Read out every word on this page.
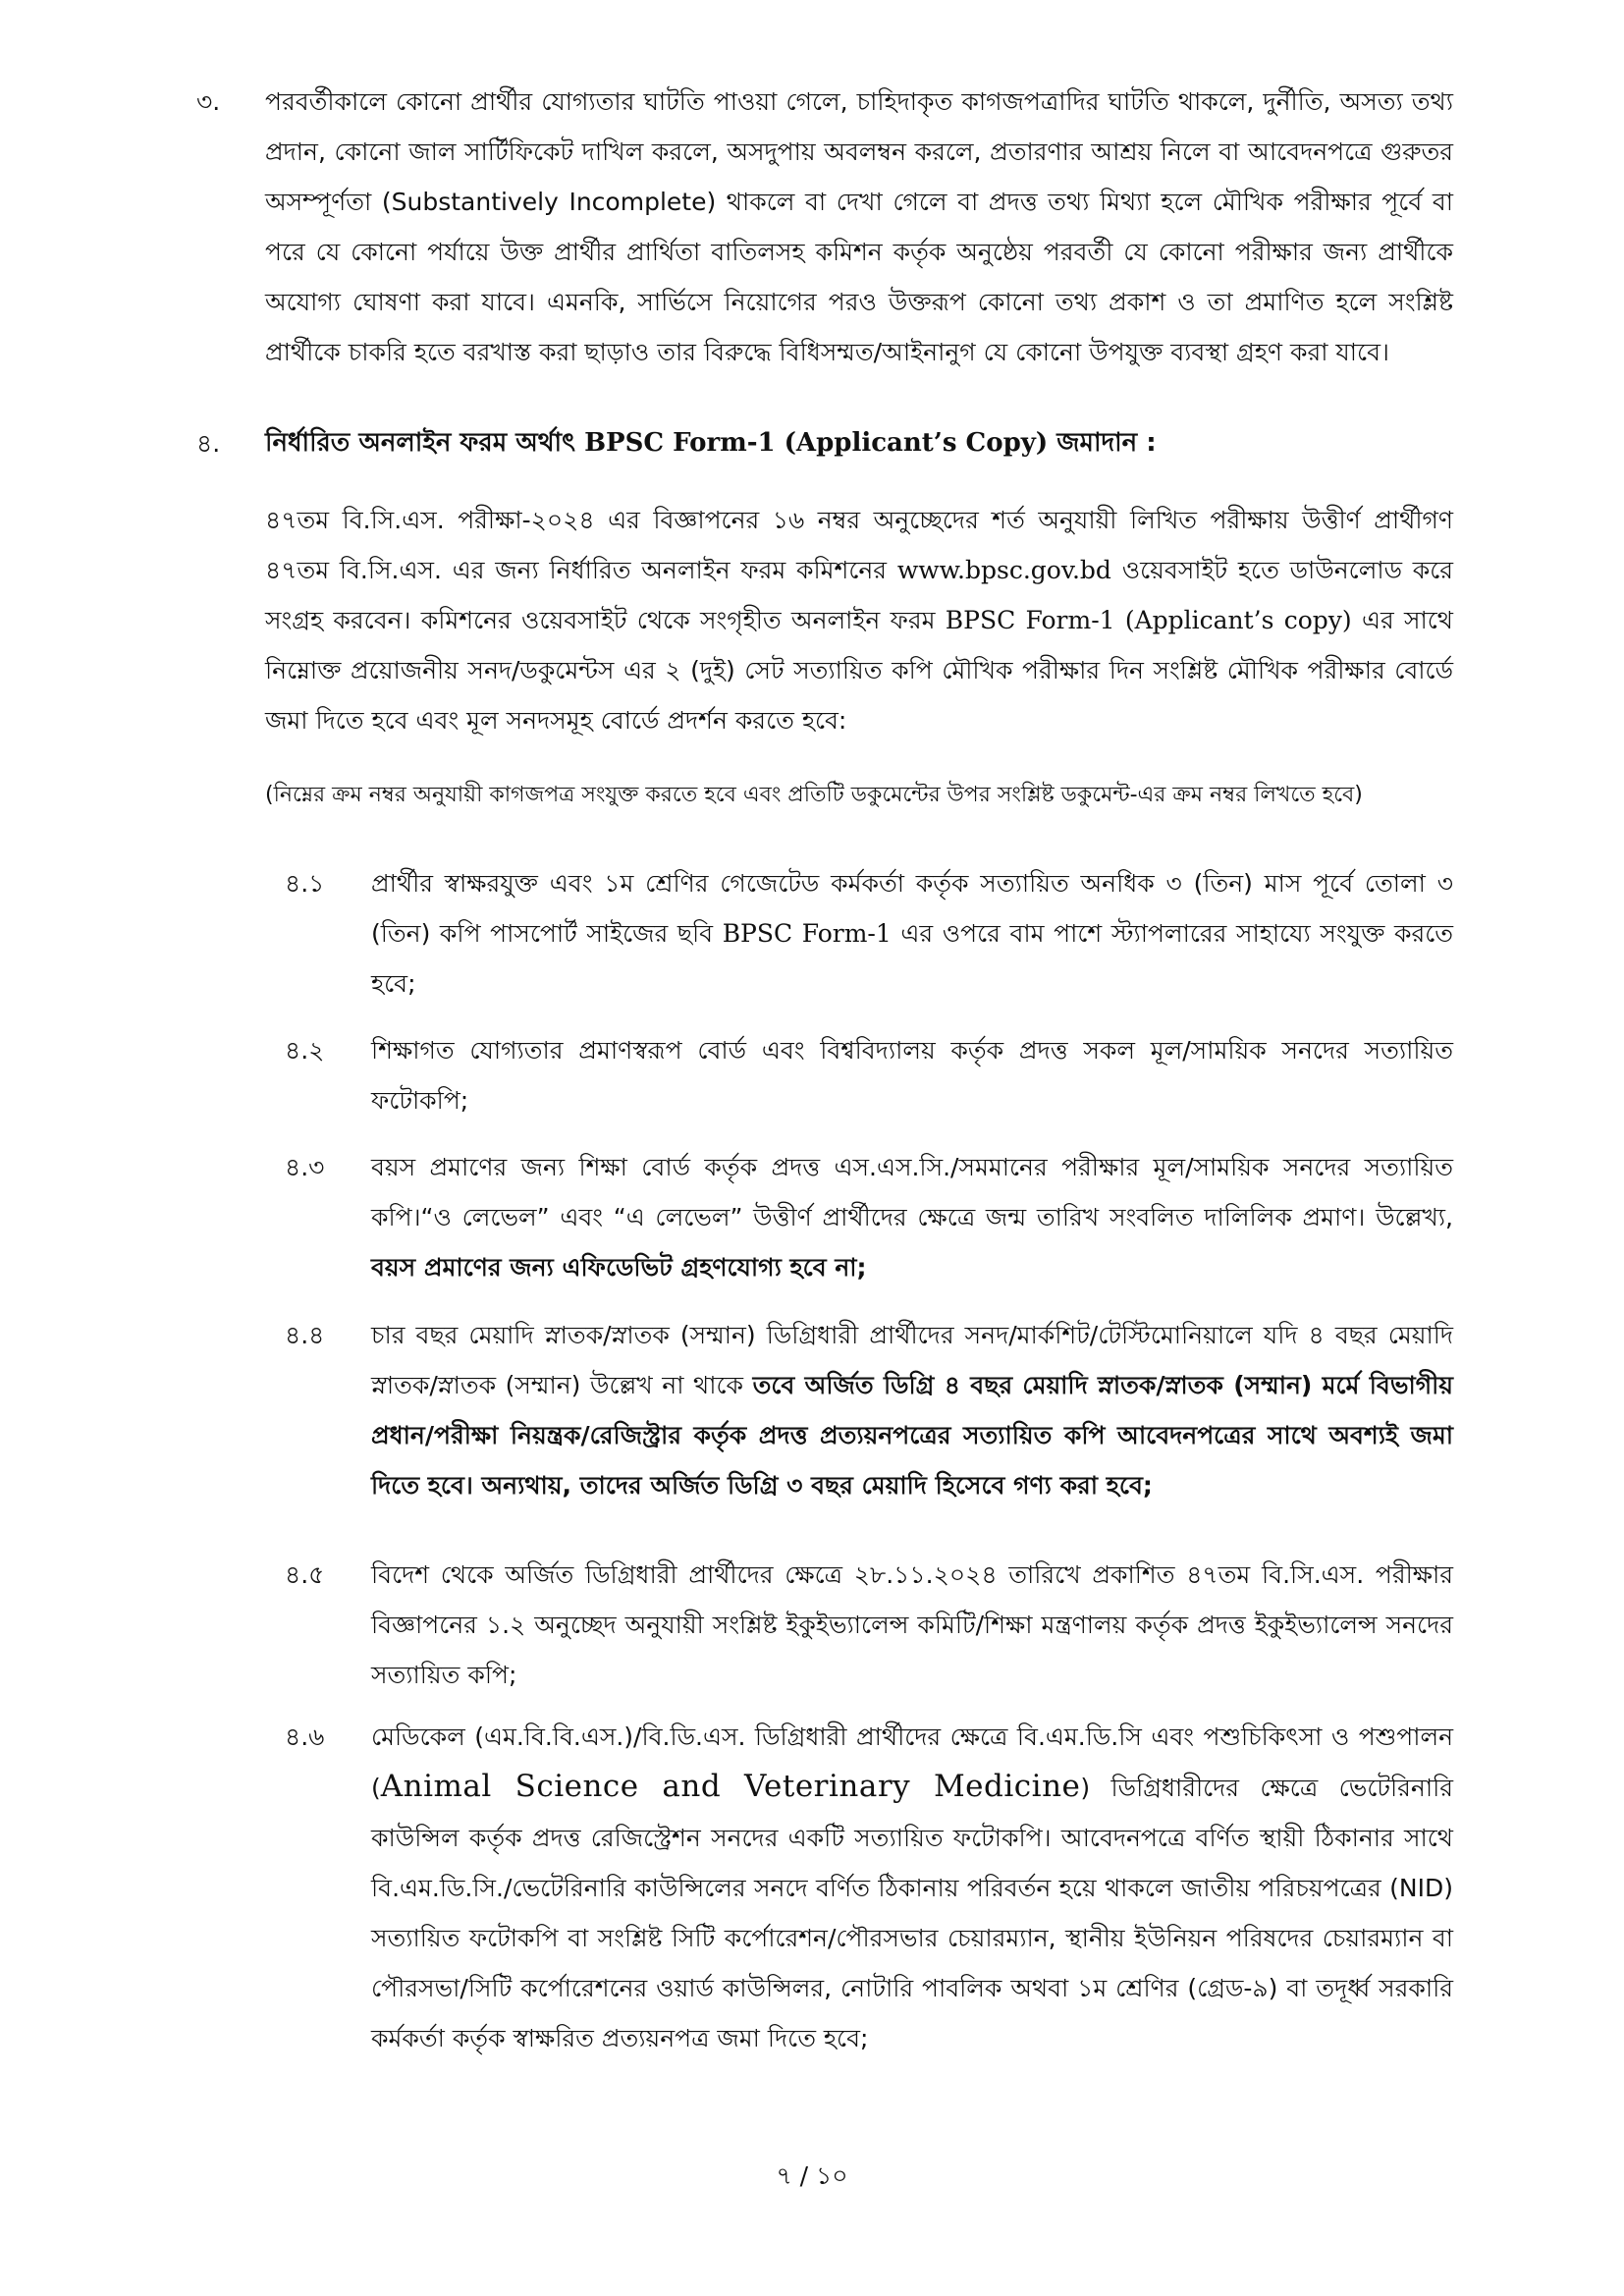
৩. পরবর্তীকালে কোনো প্রার্থীর যোগ্যতার ঘাটতি পাওয়া গেলে, চাহিদাকৃত কাগজপত্রাদির ঘাটতি থাকলে, দুর্নীতি, অসত্য তথ্য প্রদান, কোনো জাল সার্টিফিকেট দাখিল করলে, অসদুপায় অবলম্বন করলে, প্রতারণার আশ্রয় নিলে বা আবেদনপত্রে গুরুতর অসম্পূর্ণতা (Substantively Incomplete) থাকলে বা দেখা গেলে বা প্রদত্ত তথ্য মিথ্যা হলে মৌখিক পরীক্ষার পূর্বে বা পরে যে কোনো পর্যায়ে উক্ত প্রার্থীর প্রার্থিতা বাতিলসহ কমিশন কর্তৃক অনুষ্ঠেয় পরবর্তী যে কোনো পরীক্ষার জন্য প্রার্থীকে অযোগ্য ঘোষণা করা যাবে। এমনকি, সার্ভিসে নিয়োগের পরও উক্তরূপ কোনো তথ্য প্রকাশ ও তা প্রমাণিত হলে সংশ্লিষ্ট প্রার্থীকে চাকরি হতে বরখাস্ত করা ছাড়াও তার বিরুদ্ধে বিধিসম্মত/আইনানুগ যে কোনো উপযুক্ত ব্যবস্থা গ্রহণ করা যাবে।
৪. নির্ধারিত অনলাইন ফরম অর্থাৎ BPSC Form-1 (Applicant’s Copy) জমাদান :
৪৭তম বি.সি.এস. পরীক্ষা-২০২৪ এর বিজ্ঞাপনের ১৬ নম্বর অনুচ্ছেদের শর্ত অনুযায়ী লিখিত পরীক্ষায় উত্তীর্ণ প্রার্থীগণ ৪৭তম বি.সি.এস. এর জন্য নির্ধারিত অনলাইন ফরম কমিশনের www.bpsc.gov.bd ওয়েবসাইট হতে ডাউনলোড করে সংগ্রহ করবেন। কমিশনের ওয়েবসাইট থেকে সংগৃহীত অনলাইন ফরম BPSC Form-1 (Applicant’s copy) এর সাথে নিম্নোক্ত প্রয়োজনীয় সনদ/ডকুমেন্টস এর ২ (দুই) সেট সত্যায়িত কপি মৌখিক পরীক্ষার দিন সংশ্লিষ্ট মৌখিক পরীক্ষার বোর্ডে জমা দিতে হবে এবং মূল সনদসমূহ বোর্ডে প্রদর্শন করতে হবে:
(নিম্নের ক্রম নম্বর অনুযায়ী কাগজপত্র সংযুক্ত করতে হবে এবং প্রতিটি ডকুমেন্টের উপর সংশ্লিষ্ট ডকুমেন্ট-এর ক্রম নম্বর লিখতে হবে)
৪.১ প্রার্থীর স্বাক্ষরযুক্ত এবং ১ম শ্রেণির গেজেটেড কর্মকর্তা কর্তৃক সত্যায়িত অনধিক ৩ (তিন) মাস পূর্বে তোলা ৩ (তিন) কপি পাসপোর্ট সাইজের ছবি BPSC Form-1 এর ওপরে বাম পাশে স্ট্যাপলারের সাহায্যে সংযুক্ত করতে হবে;
৪.২ শিক্ষাগত যোগ্যতার প্রমাণস্বরূপ বোর্ড এবং বিশ্ববিদ্যালয় কর্তৃক প্রদত্ত সকল মূল/সাময়িক সনদের সত্যায়িত ফটোকপি;
৪.৩ বয়স প্রমাণের জন্য শিক্ষা বোর্ড কর্তৃক প্রদত্ত এস.এস.সি./সমমানের পরীক্ষার মূল/সাময়িক সনদের সত্যায়িত কপি।“ও লেভেল” এবং “এ লেভেল” উত্তীর্ণ প্রার্থীদের ক্ষেত্রে জন্ম তারিখ সংবলিত দালিলিক প্রমাণ। উল্লেখ্য, বয়স প্রমাণের জন্য এফিডেভিট গ্রহণযোগ্য হবে না;
৪.৪ চার বছর মেয়াদি স্নাতক/স্নাতক (সম্মান) ডিগ্রিধারী প্রার্থীদের সনদ/মার্কশিট/টেস্টিমোনিয়ালে যদি ৪ বছর মেয়াদি স্নাতক/স্নাতক (সম্মান) উল্লেখ না থাকে তবে অর্জিত ডিগ্রি ৪ বছর মেয়াদি স্নাতক/স্নাতক (সম্মান) মর্মে বিভাগীয় প্রধান/পরীক্ষা নিয়ন্ত্রক/রেজিস্ট্রার কর্তৃক প্রদত্ত প্রত্যয়নপত্রের সত্যায়িত কপি আবেদনপত্রের সাথে অবশ্যই জমা দিতে হবে। অন্যথায়, তাদের অর্জিত ডিগ্রি ৩ বছর মেয়াদি হিসেবে গণ্য করা হবে;
৪.৫ বিদেশ থেকে অর্জিত ডিগ্রিধারী প্রার্থীদের ক্ষেত্রে ২৮.১১.২০২৪ তারিখে প্রকাশিত ৪৭তম বি.সি.এস. পরীক্ষার বিজ্ঞাপনের ১.২ অনুচ্ছেদ অনুযায়ী সংশ্লিষ্ট ইকুইভ্যালেন্স কমিটি/শিক্ষা মন্ত্রণালয় কর্তৃক প্রদত্ত ইকুইভ্যালেন্স সনদের সত্যায়িত কপি;
৪.৬ মেডিকেল (এম.বি.বি.এস.)/বি.ডি.এস. ডিগ্রিধারী প্রার্থীদের ক্ষেত্রে বি.এম.ডি.সি এবং পশুচিকিৎসা ও পশুপালন (Animal Science and Veterinary Medicine) ডিগ্রিধারীদের ক্ষেত্রে ভেটেরিনারি কাউন্সিল কর্তৃক প্রদত্ত রেজিস্ট্রেশন সনদের একটি সত্যায়িত ফটোকপি। আবেদনপত্রে বর্ণিত স্থায়ী ঠিকানার সাথে বি.এম.ডি.সি./ভেটেরিনারি কাউন্সিলের সনদে বর্ণিত ঠিকানায় পরিবর্তন হয়ে থাকলে জাতীয় পরিচয়পত্রের (NID) সত্যায়িত ফটোকপি বা সংশ্লিষ্ট সিটি কর্পোরেশন/পৌরসভার চেয়ারম্যান, স্থানীয় ইউনিয়ন পরিষদের চেয়ারম্যান বা পৌরসভা/সিটি কর্পোরেশনের ওয়ার্ড কাউন্সিলর, নোটারি পাবলিক অথবা ১ম শ্রেণির (গ্রেড-৯) বা তদূর্ধ্ব সরকারি কর্মকর্তা কর্তৃক স্বাক্ষরিত প্রত্যয়নপত্র জমা দিতে হবে;
৭ / ১০
